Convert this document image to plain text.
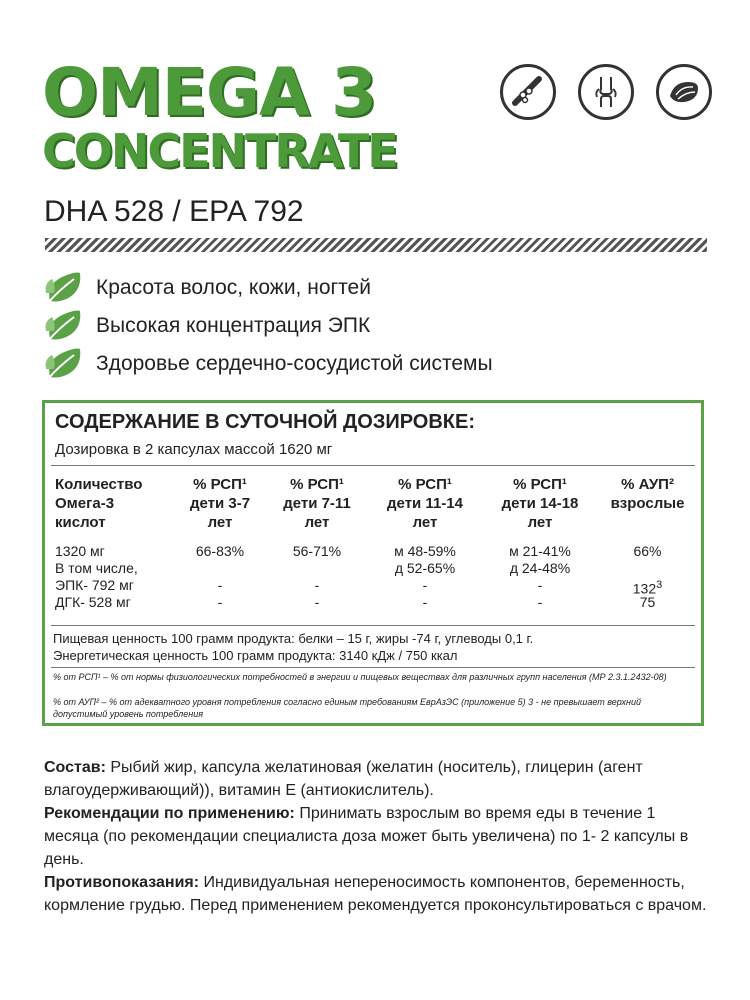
OMEGA 3
CONCENTRATE
DHA 528 / EPA 792
Красота волос, кожи, ногтей
Высокая концентрация ЭПК
Здоровье сердечно-сосудистой системы
СОДЕРЖАНИЕ В СУТОЧНОЙ ДОЗИРОВКЕ:
Дозировка в 2 капсулах массой 1620 мг
Количество
Омега-3
кислот
% РСП¹
дети 3-7
лет
% РСП¹
дети 7-11
лет
% РСП¹
дети 11-14
лет
% РСП¹
дети 14-18
лет
% АУП²
взрослые
1320 мг
В том числе,
ЭПК- 792 мг
ДГК- 528 мг
66-83%
-
-
56-71%
-
-
м 48-59%
д 52-65%
-
-
м 21-41%
д 24-48%
-
-
66%
$132^3$
75
Пищевая ценность 100 грамм продукта: белки – 15 г, жиры -74 г, углеводы 0,1 г.
Энергетическая ценность 100 грамм продукта: 3140 кДж / 750 ккал
% от РСП¹ – % от нормы физиологических потребностей в энергии и пищевых веществах для различных групп населения (МР 2.3.1.2432-08)
% от АУП² – % от адекватного уровня потребления согласно единым требованиям ЕврАзЭС (приложение 5) 3 - не превышает верхний допустимый уровень потребления

Состав: Рыбий жир, капсула желатиновая (желатин (носитель), глицерин (агент влагоудерживающий)), витамин Е (антиокислитель).

Рекомендации по применению: Принимать взрослым во время еды в течение 1 месяца (по рекомендации специалиста доза может быть увеличена) по 1- 2 капсулы в день.

Противопоказания: Индивидуальная непереносимость компонентов, беременность, кормление грудью. Перед применением рекомендуется проконсультироваться с врачом.
